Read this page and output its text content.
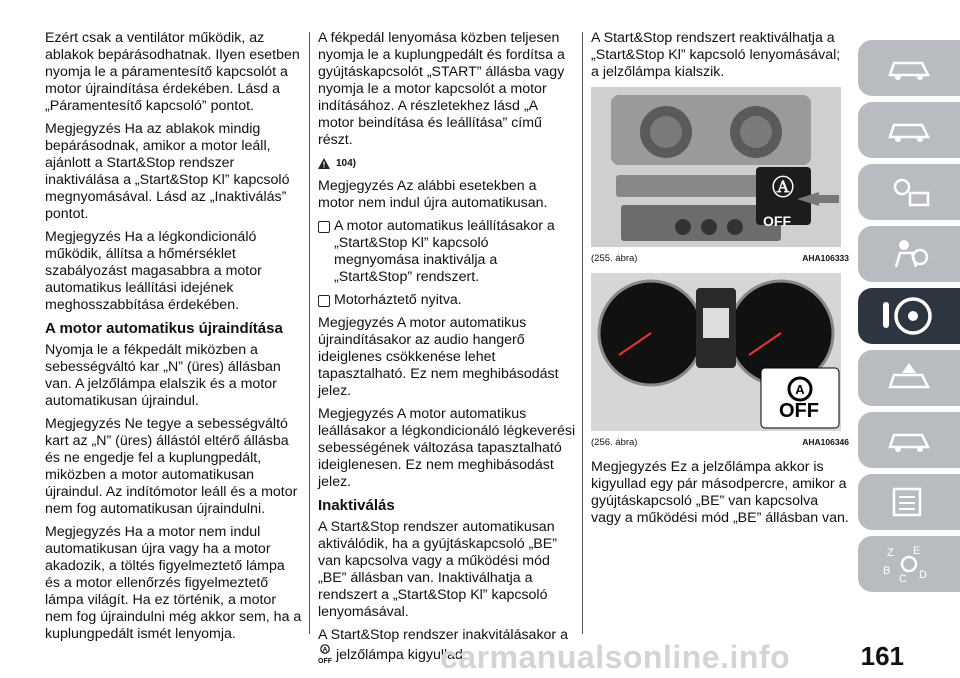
Ezért csak a ventilátor működik, az ablakok bepárásodhatnak. Ilyen esetben nyomja le a páramentesítő kapcsolót a motor újraindítása érdekében. Lásd a „Páramentesítő kapcsoló” pontot.

Megjegyzés Ha az ablakok mindig bepárásodnak, amikor a motor leáll, ajánlott a Start&Stop rendszer inaktiválása a „Start&Stop Kl” kapcsoló megnyomásával. Lásd az „Inaktiválás” pontot.

Megjegyzés Ha a légkondicionáló működik, állítsa a hőmérséklet szabályozást magasabbra a motor automatikus leállítási idejének meghosszabbítása érdekében.

A motor automatikus újraindítása

Nyomja le a fékpedált miközben a sebességváltó kar „N” (üres) állásban van. A jelzőlámpa elalszik és a motor automatikusan újraindul.

Megjegyzés Ne tegye a sebességváltó kart az „N” (üres) állástól eltérő állásba és ne engedje fel a kuplungpedált, miközben a motor automatikusan újraindul. Az indítómotor leáll és a motor nem fog automatikusan újraindulni.

Megjegyzés Ha a motor nem indul automatikusan újra vagy ha a motor akadozik, a töltés figyelmeztető lámpa és a motor ellenőrzés figyelmeztető lámpa világít. Ha ez történik, a motor nem fog újraindulni még akkor sem, ha a kuplungpedált ismét lenyomja.

A fékpedál lenyomása közben teljesen nyomja le a kuplungpedált és fordítsa a gyújtáskapcsolót „START” állásba vagy nyomja le a motor kapcsolót a motor indításához. A részletekhez lásd „A motor beindítása és leállítása” című részt.

104)

Megjegyzés Az alábbi esetekben a motor nem indul újra automatikusan.

A motor automatikus leállításakor a „Start&Stop Kl” kapcsoló megnyomása inaktiválja a „Start&Stop” rendszert.
Motorháztető nyitva.

Megjegyzés A motor automatikus újraindításakor az audio hangerő ideiglenes csökkenése lehet tapasztalható. Ez nem meghibásodást jelez.

Megjegyzés A motor automatikus leállásakor a légkondicionáló légkeverési sebességének változása tapasztalható ideiglenesen. Ez nem meghibásodást jelez.

Inaktiválás

A Start&Stop rendszer automatikusan aktiválódik, ha a gyújtáskapcsoló „BE” van kapcsolva vagy a működési mód „BE” állásban van. Inaktiválhatja a rendszert a „Start&Stop Kl” kapcsoló lenyomásával.

A Start&Stop rendszer inakvitálásakor a

A

OFF jelzőlámpa kigyullad.

A Start&Stop rendszert reaktiválhatja a „Start&Stop Kl” kapcsoló lenyomásával; a jelzőlámpa kialszik.

Ⓐ
OFF
(255. ábra)	AHA106333
A
OFF
(256. ábra)	AHA106346

Megjegyzés Ez a jelzőlámpa akkor is kigyullad egy pár másodpercre, amikor a gyújtáskapcsoló „BE” van kapcsolva vagy a működési mód „BE” állásban van.

Z E
B
C D
161
carmanualsonline.info
